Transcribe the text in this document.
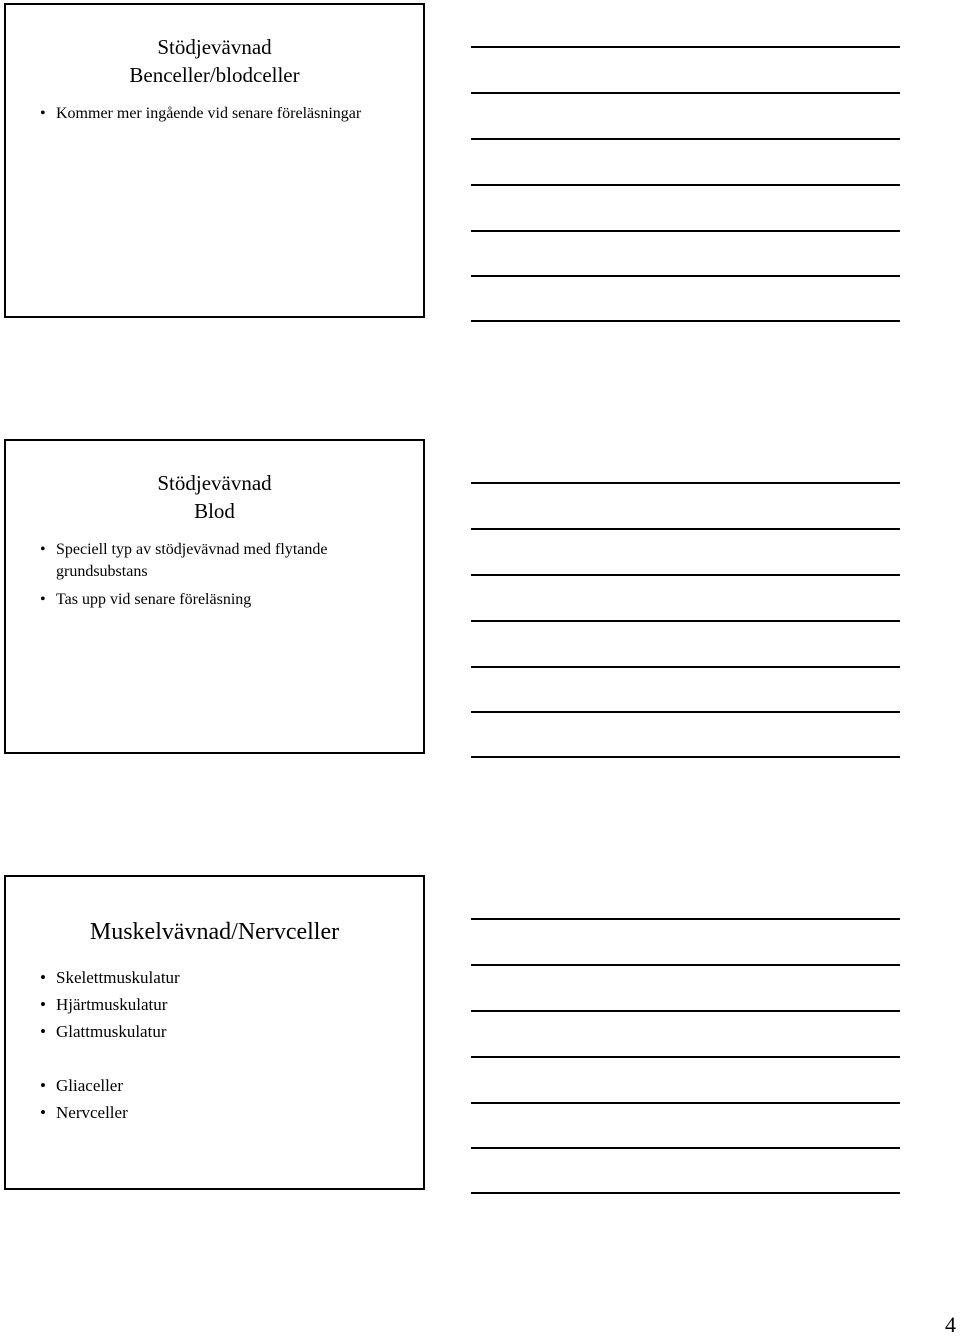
Stödjevävnad
Benceller/blodceller
• Kommer mer ingående vid senare föreläsningar
Stödjevävnad
Blod
• Speciell typ av stödjevävnad med flytande grundsubstans
• Tas upp vid senare föreläsning
Muskelvävnad/Nervceller
• Skelettmuskulatur
• Hjärtmuskulatur
• Glattmuskulatur
• Gliaceller
• Nervceller
4
